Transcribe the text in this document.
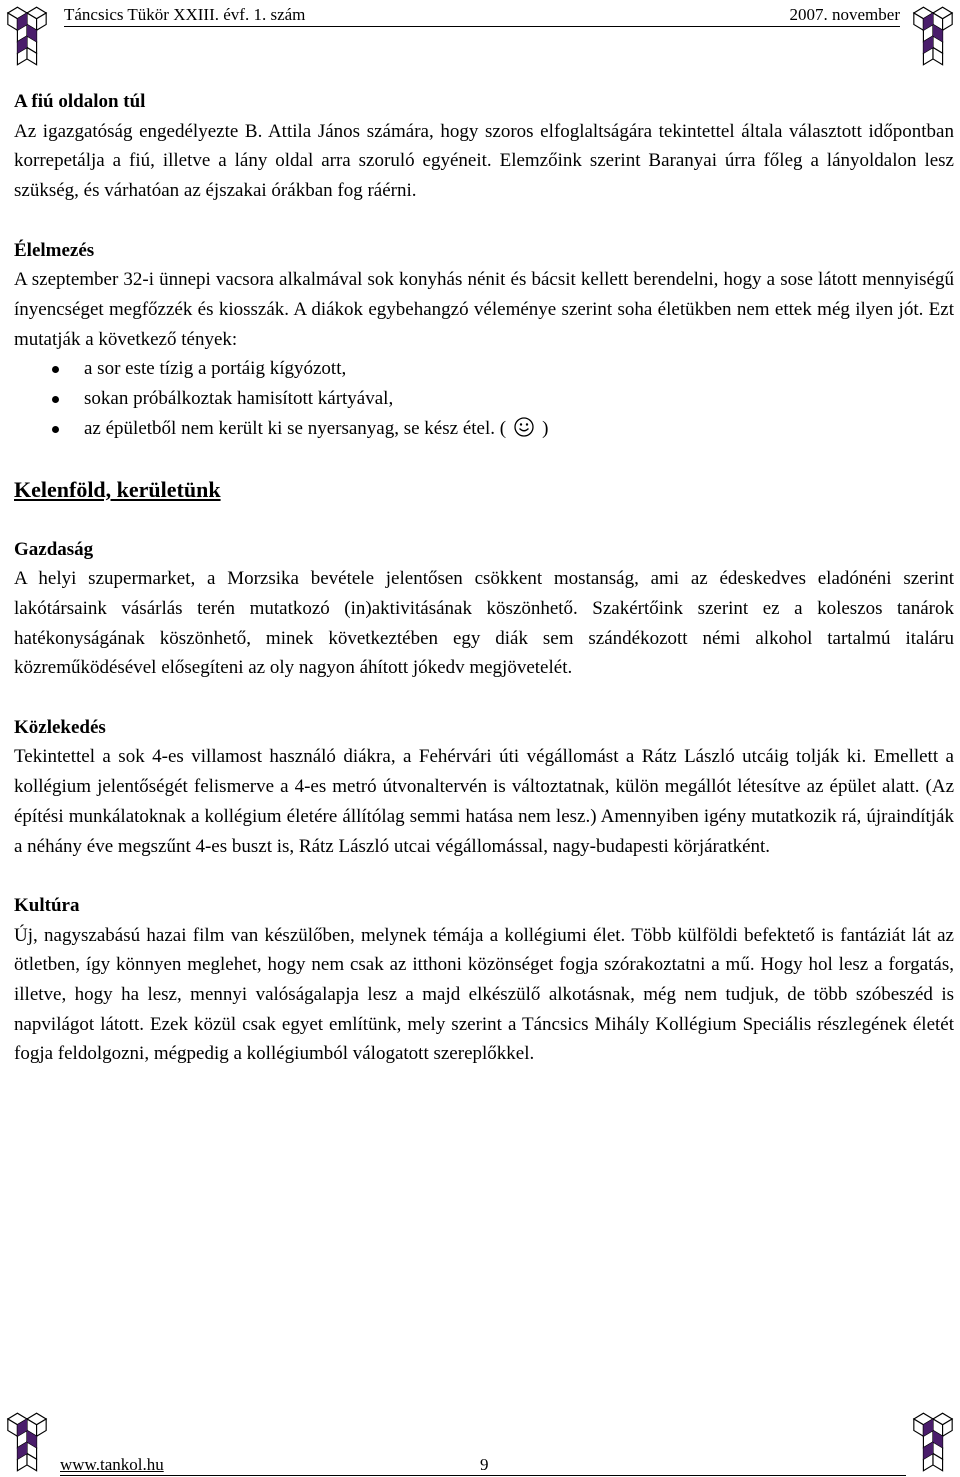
Táncsics Tükör XXIII. évf. 1. szám	2007. november
A fiú oldalon túl

Az igazgatóság engedélyezte B. Attila János számára, hogy szoros elfoglaltságára tekintettel általa választott időpontban korrepetálja a fiú, illetve a lány oldal arra szoruló egyéneit. Elemzőink szerint Baranyai úrra főleg a lányoldalon lesz szükség, és várhatóan az éjszakai órákban fog ráérni.

Élelmezés

A szeptember 32-i ünnepi vacsora alkalmával sok konyhás nénit és bácsit kellett berendelni, hogy a sose látott mennyiségű ínyencséget megfőzzék és kiosszák. A diákok egybehangzó véleménye szerint soha életükben nem ettek még ilyen jót. Ezt mutatják a következő tények:

a sor este tízig a portáig kígyózott,
sokan próbálkoztak hamisított kártyával,
az épületből nem került ki se nyersanyag, se kész étel. ( )
Kelenföld, kerületünk
Gazdaság

A helyi szupermarket, a Morzsika bevétele jelentősen csökkent mostanság, ami az édeskedves eladónéni szerint lakótársaink vásárlás terén mutatkozó (in)aktivitásának köszönhető. Szakértőink szerint ez a koleszos tanárok hatékonyságának köszönhető, minek következtében egy diák sem szándékozott némi alkohol tartalmú italáru közreműködésével elősegíteni az oly nagyon áhított jókedv megjövetelét.

Közlekedés

Tekintettel a sok 4-es villamost használó diákra, a Fehérvári úti végállomást a Rátz László utcáig tolják ki. Emellett a kollégium jelentőségét felismerve a 4-es metró útvonaltervén is változtatnak, külön megállót létesítve az épület alatt. (Az építési munkálatoknak a kollégium életére állítólag semmi hatása nem lesz.) Amennyiben igény mutatkozik rá, újraindítják a néhány éve megszűnt 4-es buszt is, Rátz László utcai végállomással, nagy-budapesti körjáratként.

Kultúra

Új, nagyszabású hazai film van készülőben, melynek témája a kollégiumi élet. Több külföldi befektető is fantáziát lát az ötletben, így könnyen meglehet, hogy nem csak az itthoni közönséget fogja szórakoztatni a mű. Hogy hol lesz a forgatás, illetve, hogy ha lesz, mennyi valóságalapja lesz a majd elkészülő alkotásnak, még nem tudjuk, de több szóbeszéd is napvilágot látott. Ezek közül csak egyet említünk, mely szerint a Táncsics Mihály Kollégium Speciális részlegének életét fogja feldolgozni, mégpedig a kollégiumból válogatott szereplőkkel.

www.tankol.hu	9
